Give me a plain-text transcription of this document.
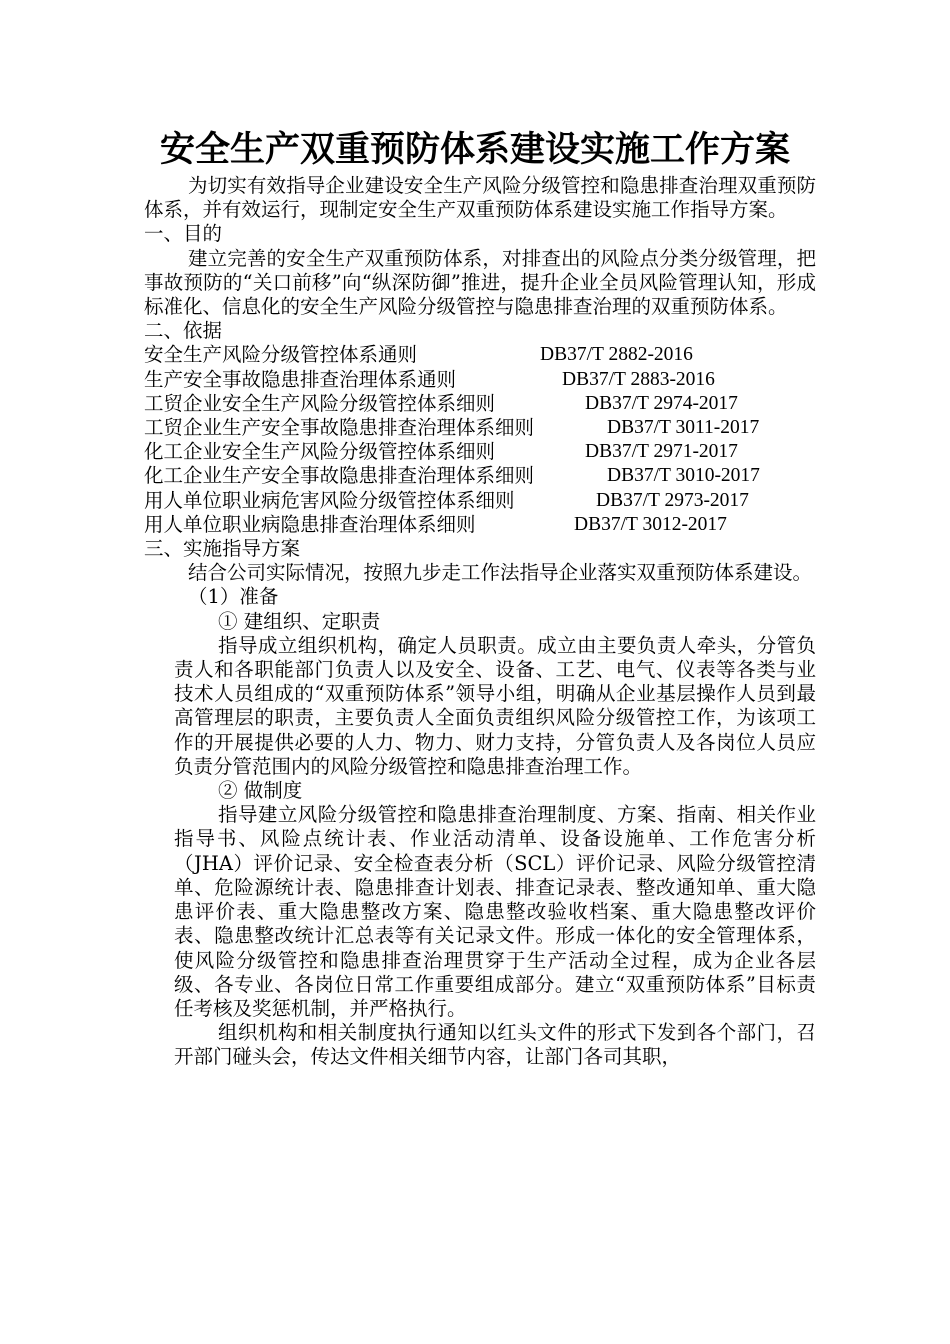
安全生产双重预防体系建设实施工作方案

为切实有效指导企业建设安全生产风险分级管控和隐患排查治理双重预防体系，并有效运行，现制定安全生产双重预防体系建设实施工作指导方案。

一、目的

建立完善的安全生产双重预防体系，对排查出的风险点分类分级管理，把事故预防的“关口前移”向“纵深防御”推进，提升企业全员风险管理认知，形成标准化、信息化的安全生产风险分级管控与隐患排查治理的双重预防体系。

二、依据

安全生产风险分级管控体系通则	DB37/T 2882-2016
生产安全事故隐患排查治理体系通则	DB37/T 2883-2016
工贸企业安全生产风险分级管控体系细则	DB37/T 2974-2017
工贸企业生产安全事故隐患排查治理体系细则	DB37/T 3011-2017
化工企业安全生产风险分级管控体系细则	DB37/T 2971-2017
化工企业生产安全事故隐患排查治理体系细则	DB37/T 3010-2017
用人单位职业病危害风险分级管控体系细则	DB37/T 2973-2017
用人单位职业病隐患排查治理体系细则	DB37/T 3012-2017

三、实施指导方案

结合公司实际情况，按照九步走工作法指导企业落实双重预防体系建设。

（1）准备

① 建组织、定职责

指导成立组织机构，确定人员职责。成立由主要负责人牵头，分管负责人和各职能部门负责人以及安全、设备、工艺、电气、仪表等各类与业技术人员组成的“双重预防体系”领导小组，明确从企业基层操作人员到最高管理层的职责，主要负责人全面负责组织风险分级管控工作，为该项工作的开展提供必要的人力、物力、财力支持，分管负责人及各岗位人员应负责分管范围内的风险分级管控和隐患排查治理工作。

② 做制度

指导建立风险分级管控和隐患排查治理制度、方案、指南、相关作业指导书、风险点统计表、作业活动清单、设备设施单、工作危害分析（JHA）评价记录、安全检查表分析（SCL）评价记录、风险分级管控清单、危险源统计表、隐患排查计划表、排查记录表、整改通知单、重大隐患评价表、重大隐患整改方案、隐患整改验收档案、重大隐患整改评价表、隐患整改统计汇总表等有关记录文件。形成一体化的安全管理体系，使风险分级管控和隐患排查治理贯穿于生产活动全过程，成为企业各层级、各专业、各岗位日常工作重要组成部分。建立“双重预防体系”目标责任考核及奖惩机制，并严格执行。

组织机构和相关制度执行通知以红头文件的形式下发到各个部门，召开部门碰头会，传达文件相关细节内容，让部门各司其职，
